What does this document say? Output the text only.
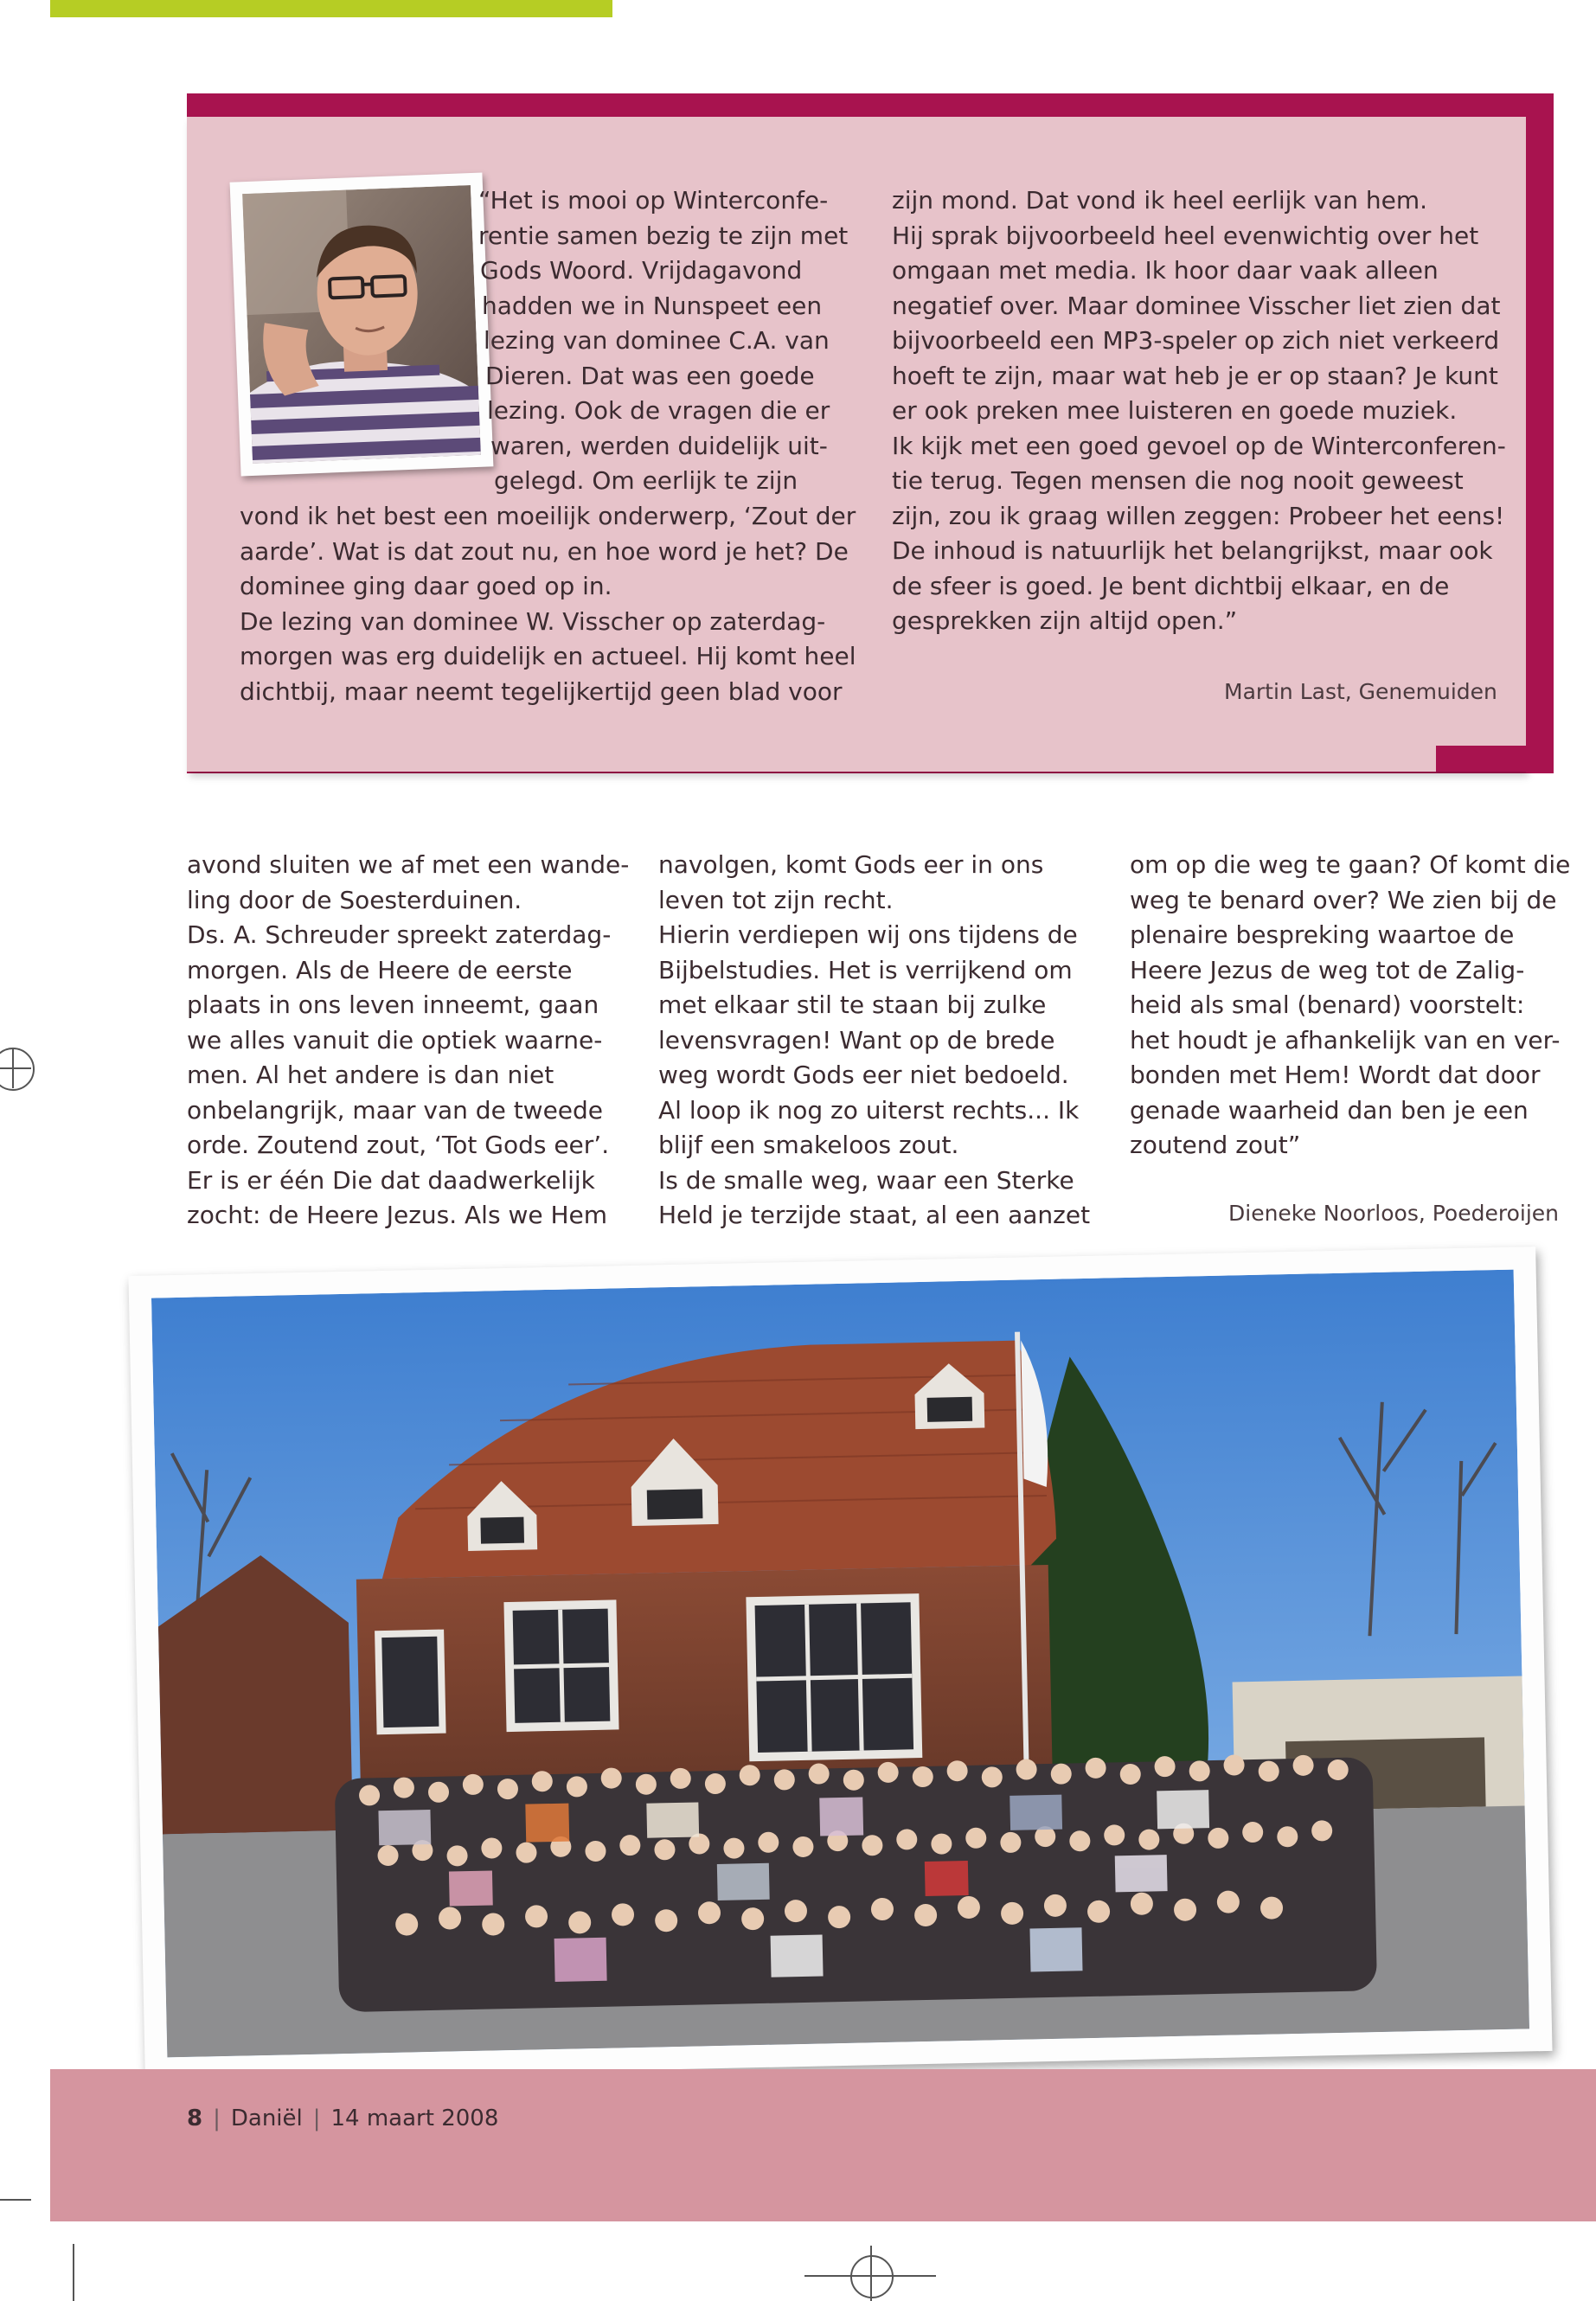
“Het is mooi op Winterconfe-
rentie samen bezig te zijn met
Gods Woord. Vrijdagavond
hadden we in Nunspeet een
lezing van dominee C.A. van
Dieren. Dat was een goede
lezing. Ook de vragen die er
waren, werden duidelijk uit-
gelegd. Om eerlijk te zijn
vond ik het best een moeilijk onderwerp, ‘Zout der
aarde’. Wat is dat zout nu, en hoe word je het? De
dominee ging daar goed op in.
De lezing van dominee W. Visscher op zaterdag-
morgen was erg duidelijk en actueel. Hij komt heel
dichtbij, maar neemt tegelijkertijd geen blad voor
zijn mond. Dat vond ik heel eerlijk van hem.
Hij sprak bijvoorbeeld heel evenwichtig over het
omgaan met media. Ik hoor daar vaak alleen
negatief over. Maar dominee Visscher liet zien dat
bijvoorbeeld een MP3-speler op zich niet verkeerd
hoeft te zijn, maar wat heb je er op staan? Je kunt
er ook preken mee luisteren en goede muziek.
Ik kijk met een goed gevoel op de Winterconferen-
tie terug. Tegen mensen die nog nooit geweest
zijn, zou ik graag willen zeggen: Probeer het eens!
De inhoud is natuurlijk het belangrijkst, maar ook
de sfeer is goed. Je bent dichtbij elkaar, en de
gesprekken zijn altijd open.”
Martin Last, Genemuiden
avond sluiten we af met een wande-
ling door de Soesterduinen.
Ds. A. Schreuder spreekt zaterdag-
morgen. Als de Heere de eerste
plaats in ons leven inneemt, gaan
we alles vanuit die optiek waarne-
men. Al het andere is dan niet
onbelangrijk, maar van de tweede
orde. Zoutend zout, ‘Tot Gods eer’.
Er is er één Die dat daadwerkelijk
zocht: de Heere Jezus. Als we Hem
navolgen, komt Gods eer in ons
leven tot zijn recht.
Hierin verdiepen wij ons tijdens de
Bijbelstudies. Het is verrijkend om
met elkaar stil te staan bij zulke
levensvragen! Want op de brede
weg wordt Gods eer niet bedoeld.
Al loop ik nog zo uiterst rechts... Ik
blijf een smakeloos zout.
Is de smalle weg, waar een Sterke
Held je terzijde staat, al een aanzet
om op die weg te gaan? Of komt die
weg te benard over? We zien bij de
plenaire bespreking waartoe de
Heere Jezus de weg tot de Zalig-
heid als smal (benard) voorstelt:
het houdt je afhankelijk van en ver-
bonden met Hem! Wordt dat door
genade waarheid dan ben je een
zoutend zout”
Dieneke Noorloos, Poederoijen
8 | Daniël | 14 maart 2008
